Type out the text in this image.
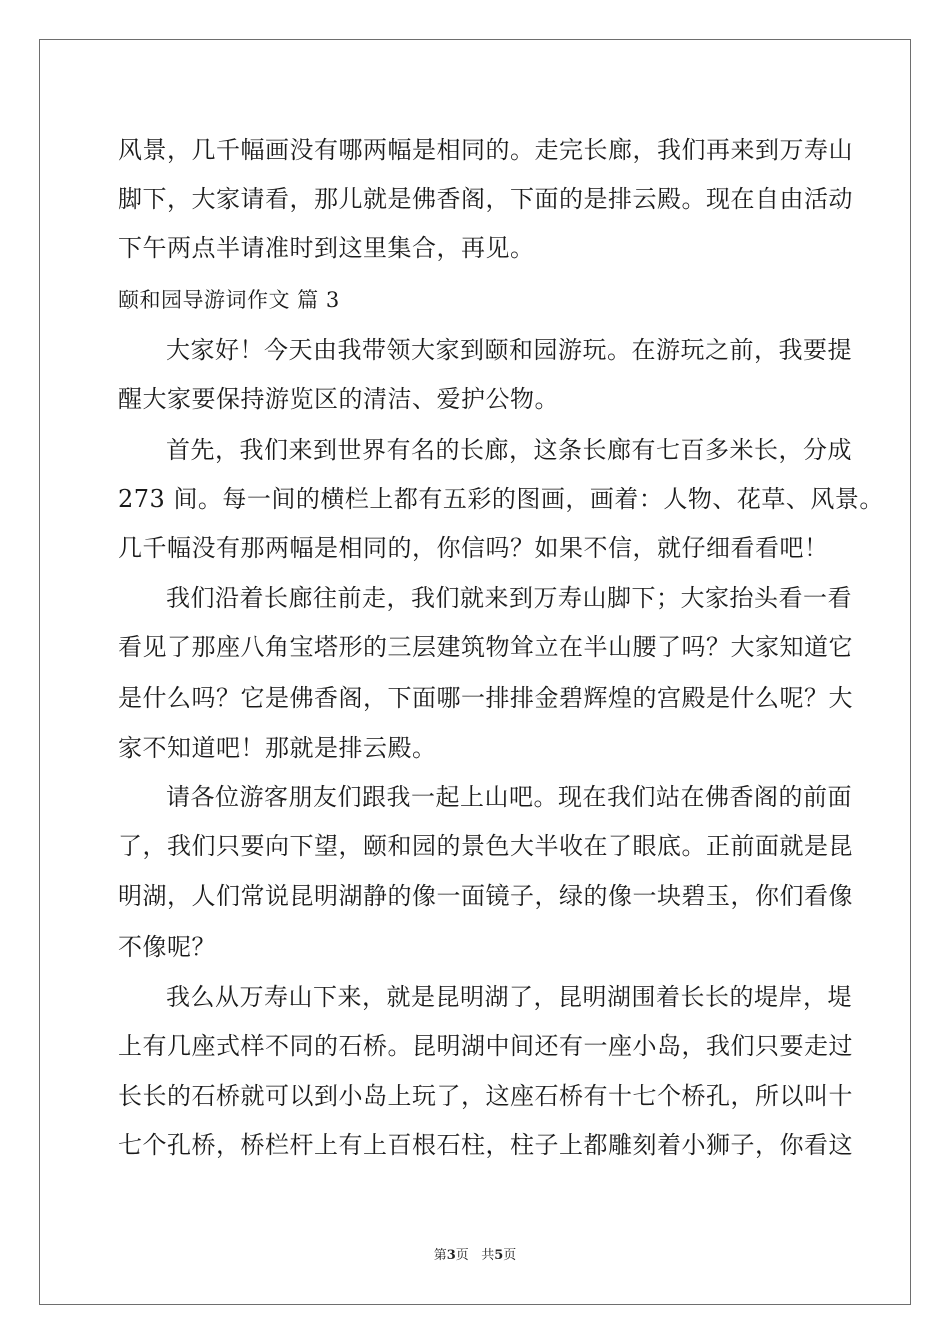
风景，几千幅画没有哪两幅是相同的。走完长廊，我们再来到万寿山
脚下，大家请看，那儿就是佛香阁，下面的是排云殿。现在自由活动
下午两点半请准时到这里集合，再见。
颐和园导游词作文 篇 3
大家好！今天由我带领大家到颐和园游玩。在游玩之前，我要提
醒大家要保持游览区的清洁、爱护公物。
首先，我们来到世界有名的长廊，这条长廊有七百多米长，分成
273 间。每一间的横栏上都有五彩的图画，画着：人物、花草、风景。
几千幅没有那两幅是相同的，你信吗？如果不信，就仔细看看吧！
我们沿着长廊往前走，我们就来到万寿山脚下；大家抬头看一看
看见了那座八角宝塔形的三层建筑物耸立在半山腰了吗？大家知道它
是什么吗？它是佛香阁，下面哪一排排金碧辉煌的宫殿是什么呢？大
家不知道吧！那就是排云殿。
请各位游客朋友们跟我一起上山吧。现在我们站在佛香阁的前面
了，我们只要向下望，颐和园的景色大半收在了眼底。正前面就是昆
明湖，人们常说昆明湖静的像一面镜子，绿的像一块碧玉，你们看像
不像呢？
我么从万寿山下来，就是昆明湖了，昆明湖围着长长的堤岸，堤
上有几座式样不同的石桥。昆明湖中间还有一座小岛，我们只要走过
长长的石桥就可以到小岛上玩了，这座石桥有十七个桥孔，所以叫十
七个孔桥，桥栏杆上有上百根石柱，柱子上都雕刻着小狮子，你看这
第3页 共5页
